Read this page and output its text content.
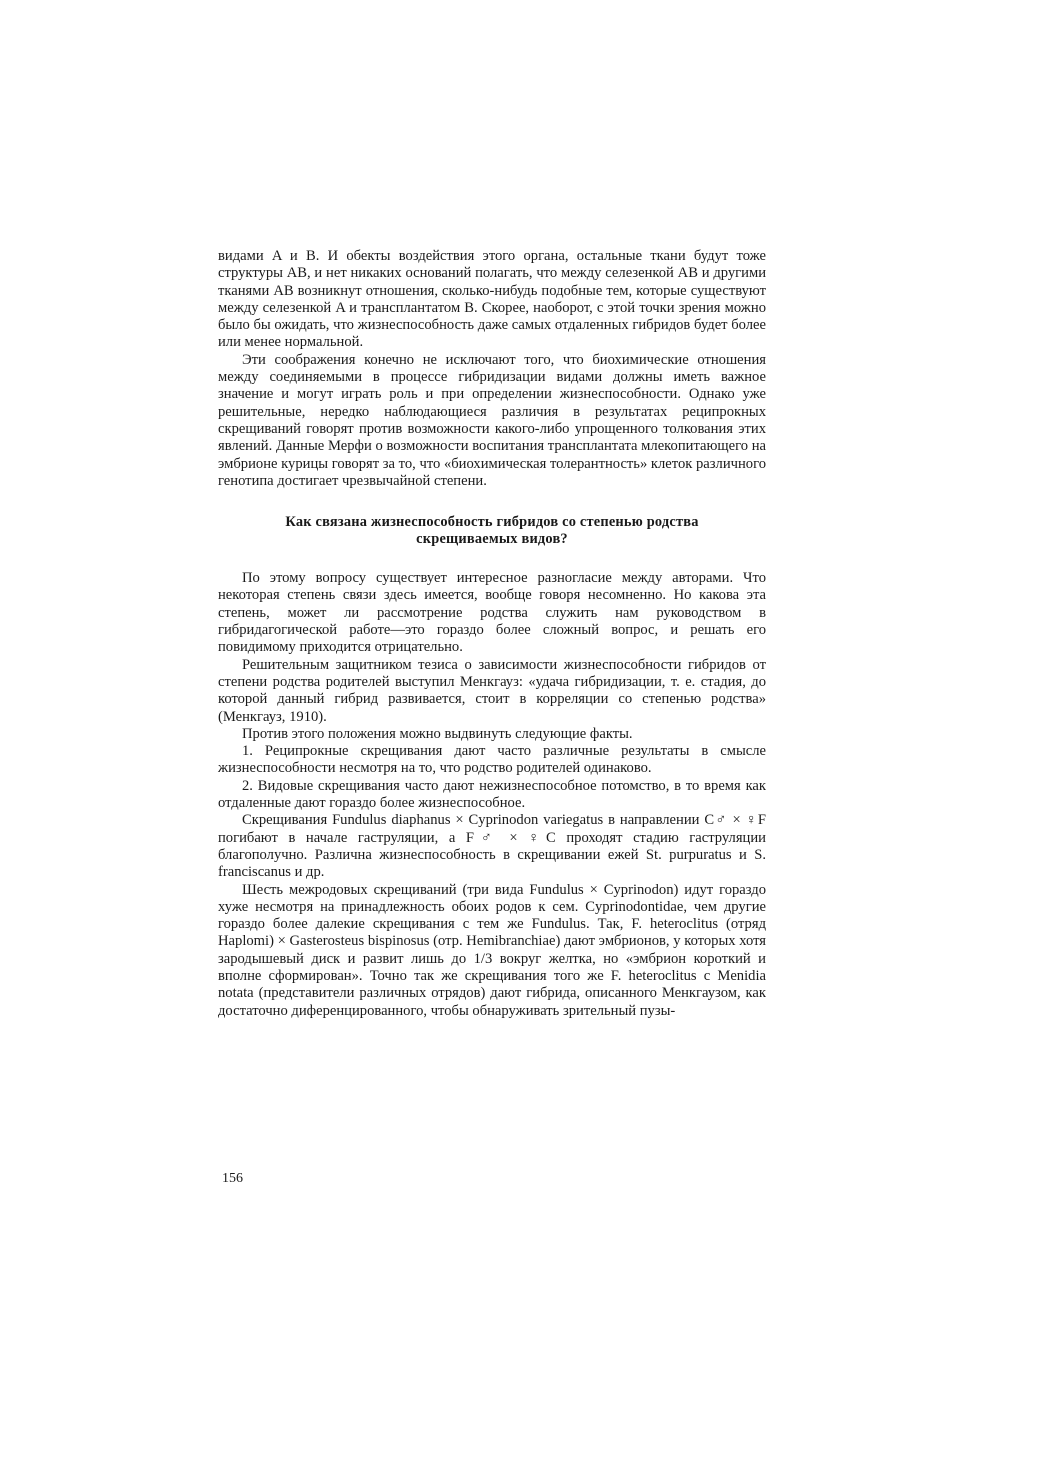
видами A и B. И обекты воздействия этого органа, остальные ткани будут тоже структуры AB, и нет никаких оснований полагать, что между селезенкой AB и другими тканями AB возникнут отношения, сколько-нибудь подобные тем, которые существуют между селезенкой A и трансплантатом B. Скорее, наоборот, с этой точки зрения можно было бы ожидать, что жизнеспособность даже самых отдаленных гибридов будет более или менее нормальной.

Эти соображения конечно не исключают того, что биохимические отношения между соединяемыми в процессе гибридизации видами должны иметь важное значение и могут играть роль и при определении жизнеспособности. Однако уже решительные, нередко наблюдающиеся различия в результатах реципрокных скрещиваний говорят против возможности какого-либо упрощенного толкования этих явлений. Данные Мерфи о возможности воспитания трансплантата млекопитающего на эмбрионе курицы говорят за то, что «биохимическая толерантность» клеток различного генотипа достигает чрезвычайной степени.

Как связана жизнеспособность гибридов со степенью родства
скрещиваемых видов?

По этому вопросу существует интересное разногласие между авторами. Что некоторая степень связи здесь имеется, вообще говоря несомненно. Но какова эта степень, может ли рассмотрение родства служить нам руководством в гибридагогической работе—это гораздо более сложный вопрос, и решать его повидимому приходится отрицательно.

Решительным защитником тезиса о зависимости жизнеспособности гибридов от степени родства родителей выступил Менкгауз: «удача гибридизации, т. е. стадия, до которой данный гибрид развивается, стоит в корреляции со степенью родства» (Менкгауз, 1910).

Против этого положения можно выдвинуть следующие факты.

1. Реципрокные скрещивания дают часто различные результаты в смысле жизнеспособности несмотря на то, что родство родителей одинаково.

2. Видовые скрещивания часто дают нежизнеспособное потомство, в то время как отдаленные дают гораздо более жизнеспособное.

Скрещивания Fundulus diaphanus × Cyprinodon variegatus в направлении C♂ × ♀F погибают в начале гаструляции, а F♂ × ♀C проходят стадию гаструляции благополучно. Различна жизнеспособность в скрещивании ежей St. purpuratus и S. franciscanus и др.

Шесть межродовых скрещиваний (три вида Fundulus × Cyprinodon) идут гораздо хуже несмотря на принадлежность обоих родов к сем. Cyprinodontidae, чем другие гораздо более далекие скрещивания с тем же Fundulus. Так, F. heteroclitus (отряд Haplomi) × Gasterosteus bispinosus (отр. Hemibranchiae) дают эмбрионов, у которых хотя зародышевый диск и развит лишь до 1/3 вокруг желтка, но «эмбрион короткий и вполне сформирован». Точно так же скрещивания того же F. heteroclitus с Menidia notata (представители различных отрядов) дают гибрида, описанного Менкгаузом, как достаточно диференцированного, чтобы обнаруживать зрительный пузы-

156
